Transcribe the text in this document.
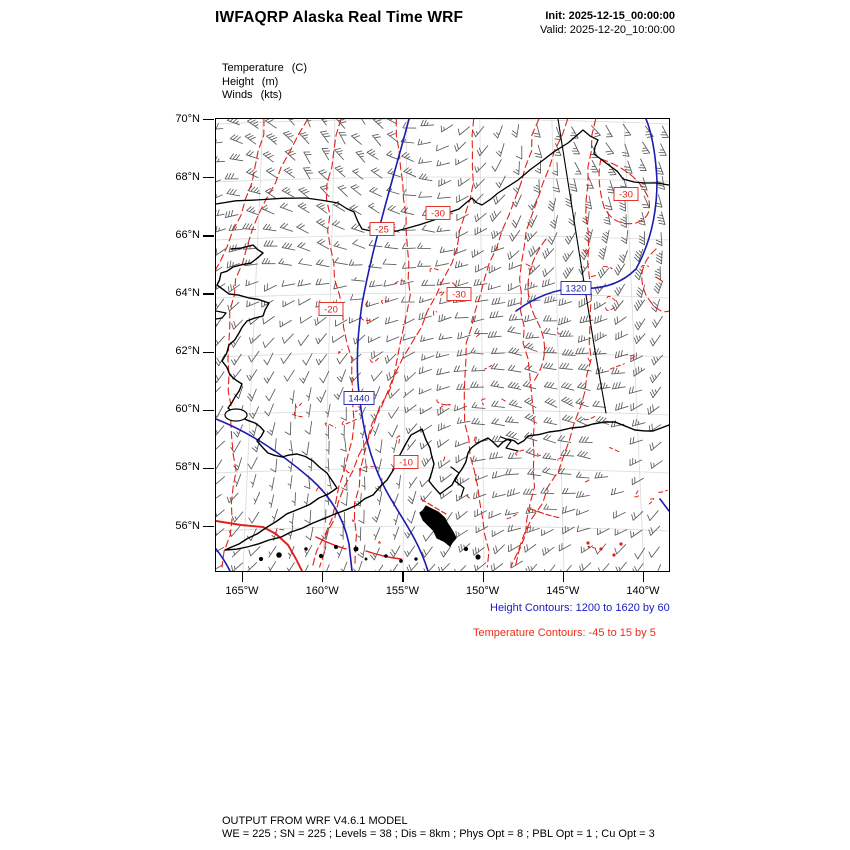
IWFAQRP Alaska Real Time WRF	Init: 2025-12-15_00:00:00
Valid: 2025-12-20_10:00:00
Temperature (C)
Height (m)
Winds (kts)
-30
-25
-30
-30
-20
-10
1320
1440
70°N
68°N
66°N
64°N
62°N
60°N
58°N
56°N
165°W	160°W	155°W	150°W	145°W	140°W
Height Contours: 1200 to 1620 by 60
Temperature Contours: -45 to 15 by 5
OUTPUT FROM WRF V4.6.1 MODEL
WE = 225 ; SN = 225 ; Levels = 38 ; Dis = 8km ; Phys Opt = 8 ; PBL Opt = 1 ; Cu Opt = 3
